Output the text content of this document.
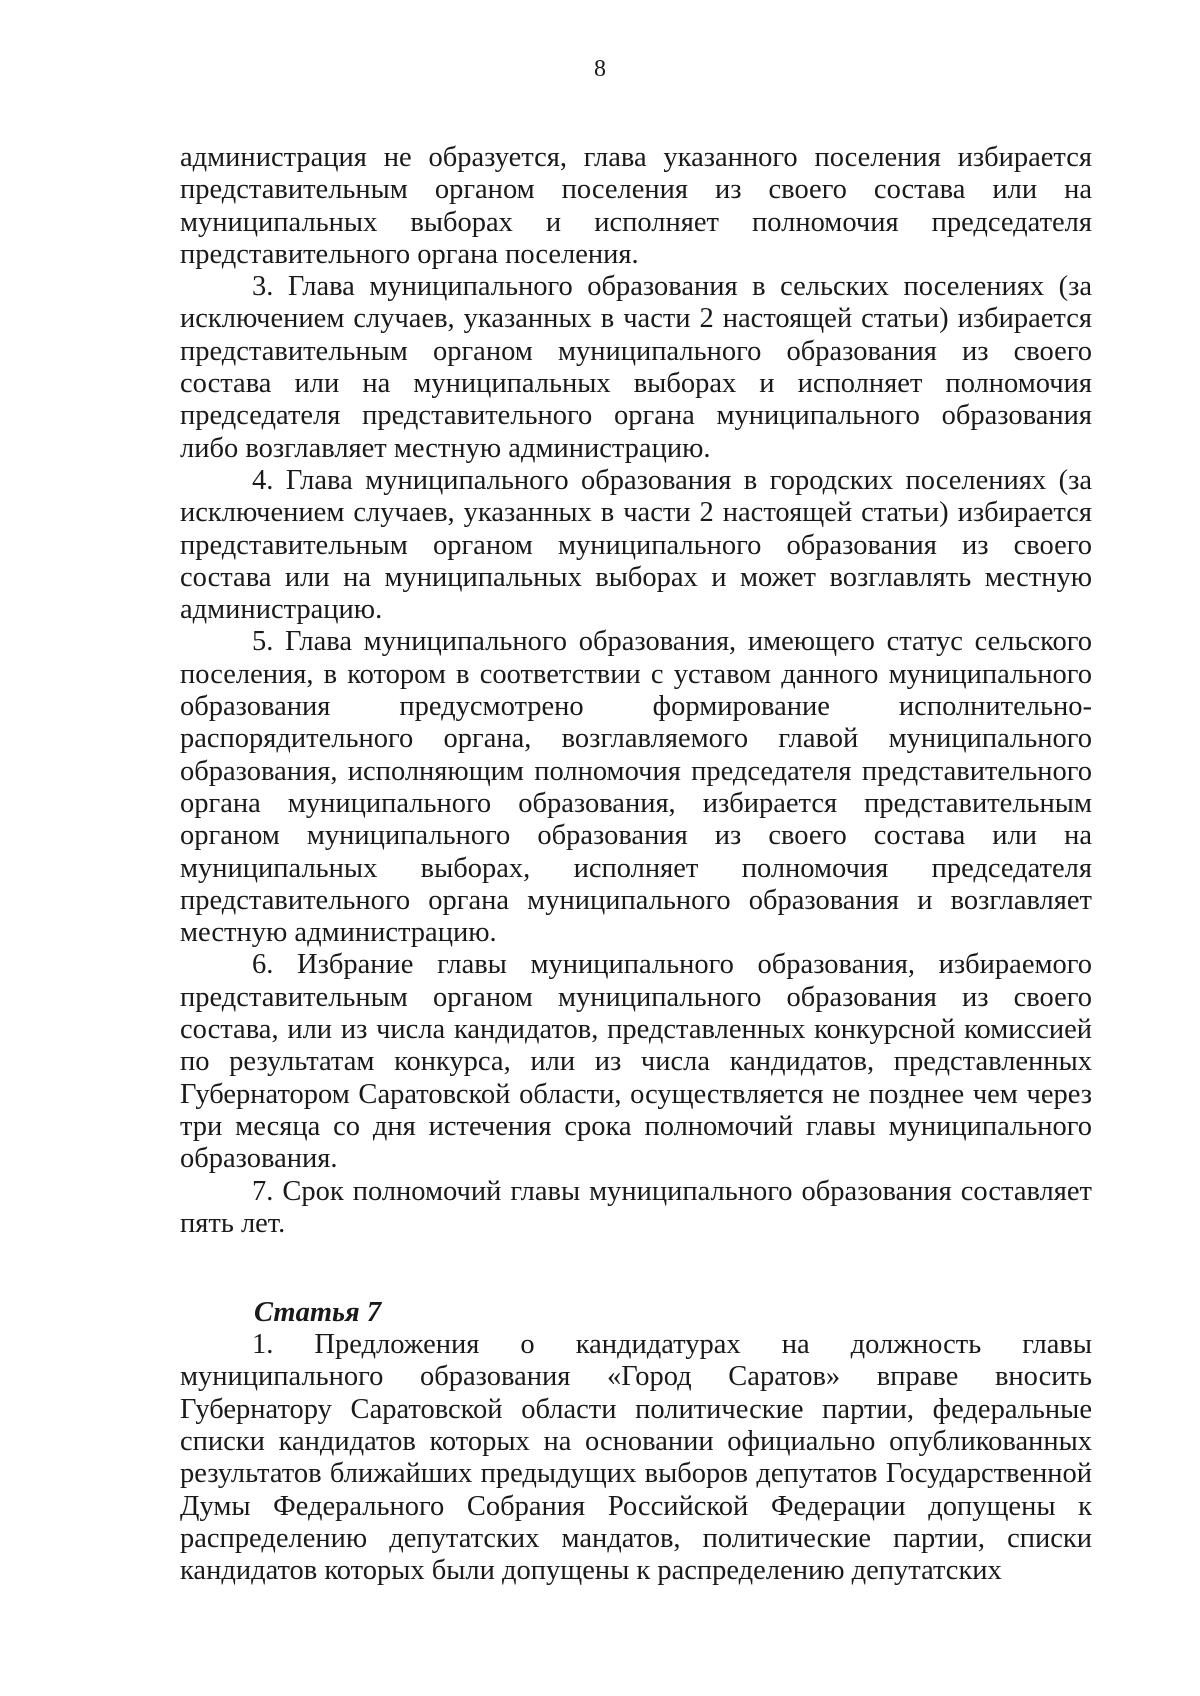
8

администрация не образуется, глава указанного поселения избирается представительным органом поселения из своего состава или на муниципальных выборах и исполняет полномочия председателя представительного органа поселения.

3. Глава муниципального образования в сельских поселениях (за исключением случаев, указанных в части 2 настоящей статьи) избирается представительным органом муниципального образования из своего состава или на муниципальных выборах и исполняет полномочия председателя представительного органа муниципального образования либо возглавляет местную администрацию.

4. Глава муниципального образования в городских поселениях (за исключением случаев, указанных в части 2 настоящей статьи) избирается представительным органом муниципального образования из своего состава или на муниципальных выборах и может возглавлять местную администрацию.

5. Глава муниципального образования, имеющего статус сельского поселения, в котором в соответствии с уставом данного муниципального образования предусмотрено формирование исполнительно-распорядительного органа, возглавляемого главой муниципального образования, исполняющим полномочия председателя представительного органа муниципального образования, избирается представительным органом муниципального образования из своего состава или на муниципальных выборах, исполняет полномочия председателя представительного органа муниципального образования и возглавляет местную администрацию.

6. Избрание главы муниципального образования, избираемого представительным органом муниципального образования из своего состава, или из числа кандидатов, представленных конкурсной комиссией по результатам конкурса, или из числа кандидатов, представленных Губернатором Саратовской области, осуществляется не позднее чем через три месяца со дня истечения срока полномочий главы муниципального образования.

7. Срок полномочий главы муниципального образования составляет пять лет.

Статья 7

1. Предложения о кандидатурах на должность главы муниципального образования «Город Саратов» вправе вносить Губернатору Саратовской области политические партии, федеральные списки кандидатов которых на основании официально опубликованных результатов ближайших предыдущих выборов депутатов Государственной Думы Федерального Собрания Российской Федерации допущены к распределению депутатских мандатов, политические партии, списки кандидатов которых были допущены к распределению депутатских
